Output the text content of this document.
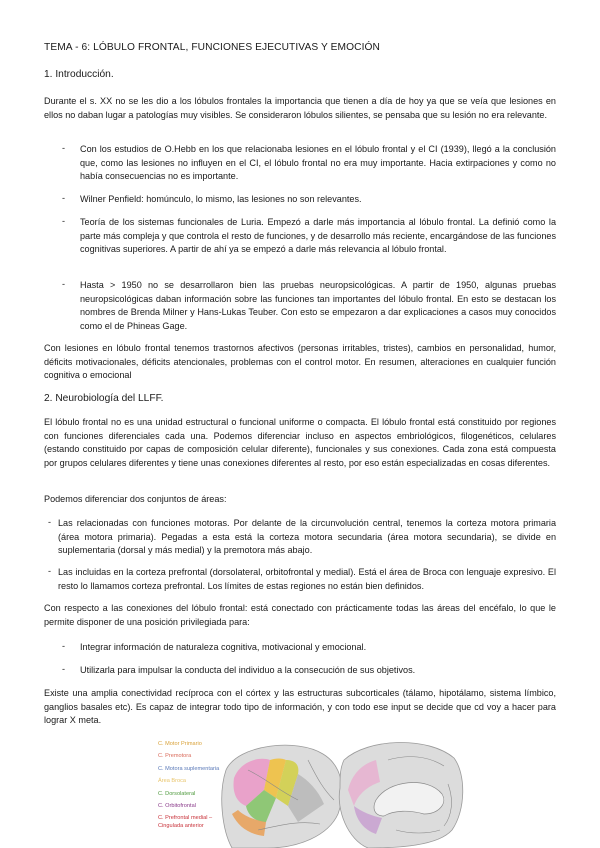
TEMA - 6: LÓBULO FRONTAL, FUNCIONES EJECUTIVAS Y EMOCIÓN
1. Introducción.
Durante el s. XX no se les dio a los lóbulos frontales la importancia que tienen a día de hoy ya que se veía que lesiones en ellos no daban lugar a patologías muy visibles. Se consideraron lóbulos silientes, se pensaba que su lesión no era relevante.
- Con los estudios de O.Hebb en los que relacionaba lesiones en el lóbulo frontal y el CI (1939), llegó a la conclusión que, como las lesiones no influyen en el CI, el lóbulo frontal no era muy importante. Hacia extirpaciones y como no había consecuencias no es importante.
- Wilner Penfield: homúnculo, lo mismo, las lesiones no son relevantes.
- Teoría de los sistemas funcionales de Luria. Empezó a darle más importancia al lóbulo frontal. La definió como la parte más compleja y que controla el resto de funciones, y de desarrollo más reciente, encargándose de las funciones cognitivas superiores. A partir de ahí ya se empezó a darle más relevancia al lóbulo frontal.
- Hasta > 1950 no se desarrollaron bien las pruebas neuropsicológicas. A partir de 1950, algunas pruebas neuropsicológicas daban información sobre las funciones tan importantes del lóbulo frontal. En esto se destacan los nombres de Brenda Milner y Hans-Lukas Teuber. Con esto se empezaron a dar explicaciones a casos muy conocidos como el de Phineas Gage.
Con lesiones en lóbulo frontal tenemos trastornos afectivos (personas irritables, tristes), cambios en personalidad, humor, déficits motivacionales, déficits atencionales, problemas con el control motor. En resumen, alteraciones en cualquier función cognitiva o emocional
2. Neurobiología del LLFF.
El lóbulo frontal no es una unidad estructural o funcional uniforme o compacta. El lóbulo frontal está constituido por regiones con funciones diferenciales cada una. Podemos diferenciar incluso en aspectos embriológicos, filogenéticos, celulares (estando constituido por capas de composición celular diferente), funcionales y sus conexiones. Cada zona está compuesta por grupos celulares diferentes y tiene unas conexiones diferentes al resto, por eso están especializadas en cosas diferentes.
Podemos diferenciar dos conjuntos de áreas:
- Las relacionadas con funciones motoras. Por delante de la circunvolución central, tenemos la corteza motora primaria (área motora primaria). Pegadas a esta está la corteza motora secundaria (área motora secundaria), se divide en suplementaria (dorsal y más medial) y la premotora más abajo.
- Las incluidas en la corteza prefrontal (dorsolateral, orbitofrontal y medial). Está el área de Broca con lenguaje expresivo. El resto lo llamamos corteza prefrontal. Los límites de estas regiones no están bien definidos.
Con respecto a las conexiones del lóbulo frontal: está conectado con prácticamente todas las áreas del encéfalo, lo que le permite disponer de una posición privilegiada para:
- Integrar información de naturaleza cognitiva, motivacional y emocional.
- Utilizarla para impulsar la conducta del individuo a la consecución de sus objetivos.
Existe una amplia conectividad recíproca con el córtex y las estructuras subcorticales (tálamo, hipotálamo, sistema límbico, ganglios basales etc). Es capaz de integrar todo tipo de información, y con todo ese input se decide que cd voy a hacer para lograr X meta.
C. Motor Primario
C. Premotora
C. Motora suplementaria
Área Broca
C. Dorsolateral
C. Orbitofrontal
C. Prefrontal medial –
Cingulada anterior
